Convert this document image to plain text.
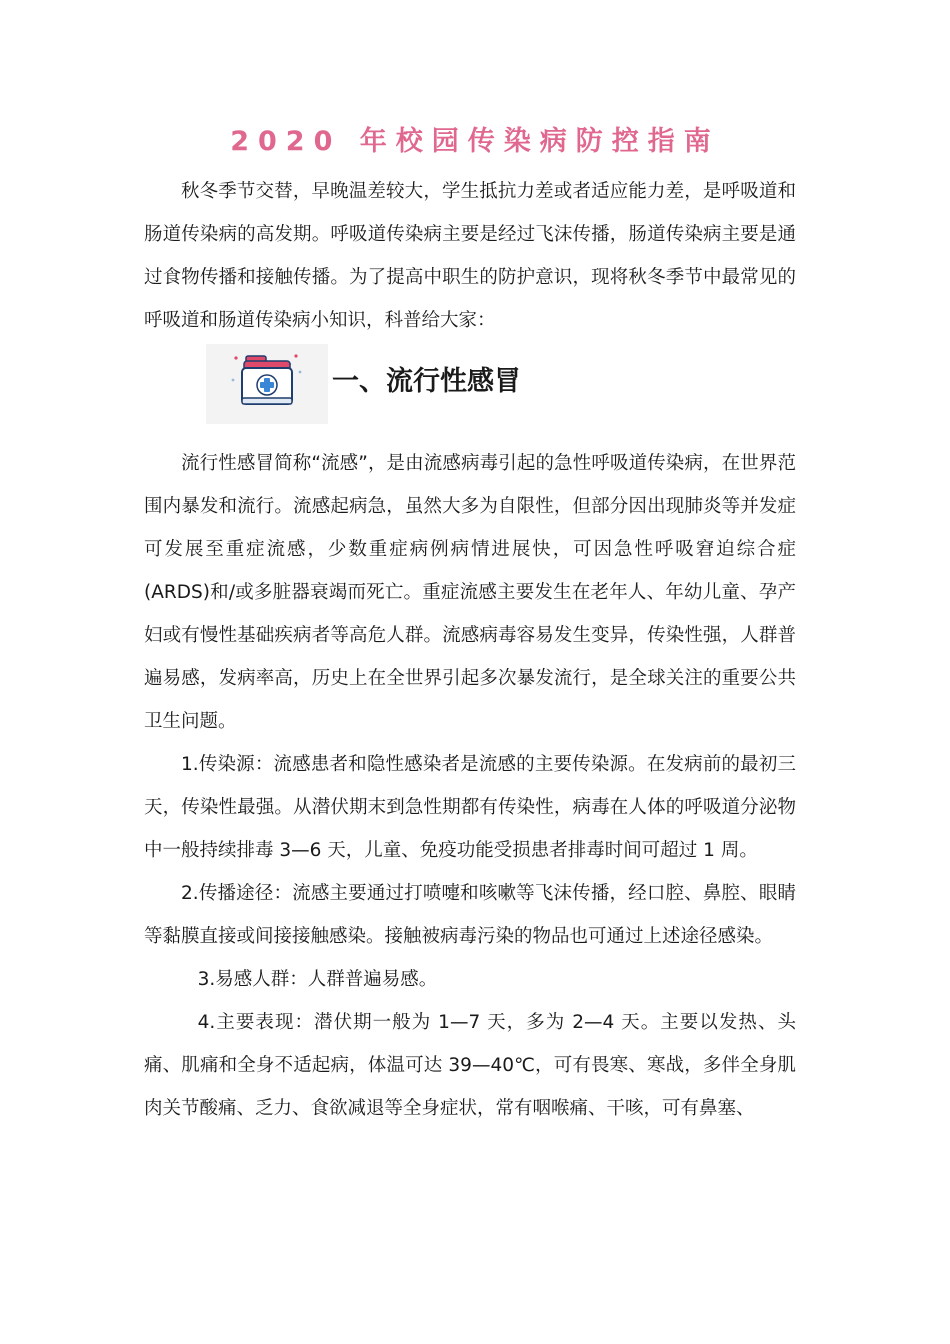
2020 年校园传染病防控指南

秋冬季节交替，早晚温差较大，学生抵抗力差或者适应能力差，是呼吸道和肠道传染病的高发期。呼吸道传染病主要是经过飞沫传播，肠道传染病主要是通过食物传播和接触传播。为了提高中职生的防护意识，现将秋冬季节中最常见的呼吸道和肠道传染病小知识，科普给大家：

一、流行性感冒

流行性感冒简称“流感”，是由流感病毒引起的急性呼吸道传染病，在世界范围内暴发和流行。流感起病急，虽然大多为自限性，但部分因出现肺炎等并发症可发展至重症流感，少数重症病例病情进展快，可因急性呼吸窘迫综合症(ARDS)和/或多脏器衰竭而死亡。重症流感主要发生在老年人、年幼儿童、孕产妇或有慢性基础疾病者等高危人群。流感病毒容易发生变异，传染性强，人群普遍易感，发病率高，历史上在全世界引起多次暴发流行，是全球关注的重要公共卫生问题。

1.传染源：流感患者和隐性感染者是流感的主要传染源。在发病前的最初三天，传染性最强。从潜伏期末到急性期都有传染性，病毒在人体的呼吸道分泌物中一般持续排毒 3—6 天，儿童、免疫功能受损患者排毒时间可超过 1 周。

2.传播途径：流感主要通过打喷嚏和咳嗽等飞沫传播，经口腔、鼻腔、眼睛等黏膜直接或间接接触感染。接触被病毒污染的物品也可通过上述途径感染。

3.易感人群：人群普遍易感。

4.主要表现：潜伏期一般为 1—7 天，多为 2—4 天。主要以发热、头痛、肌痛和全身不适起病，体温可达 39—40℃，可有畏寒、寒战，多伴全身肌肉关节酸痛、乏力、食欲减退等全身症状，常有咽喉痛、干咳，可有鼻塞、
